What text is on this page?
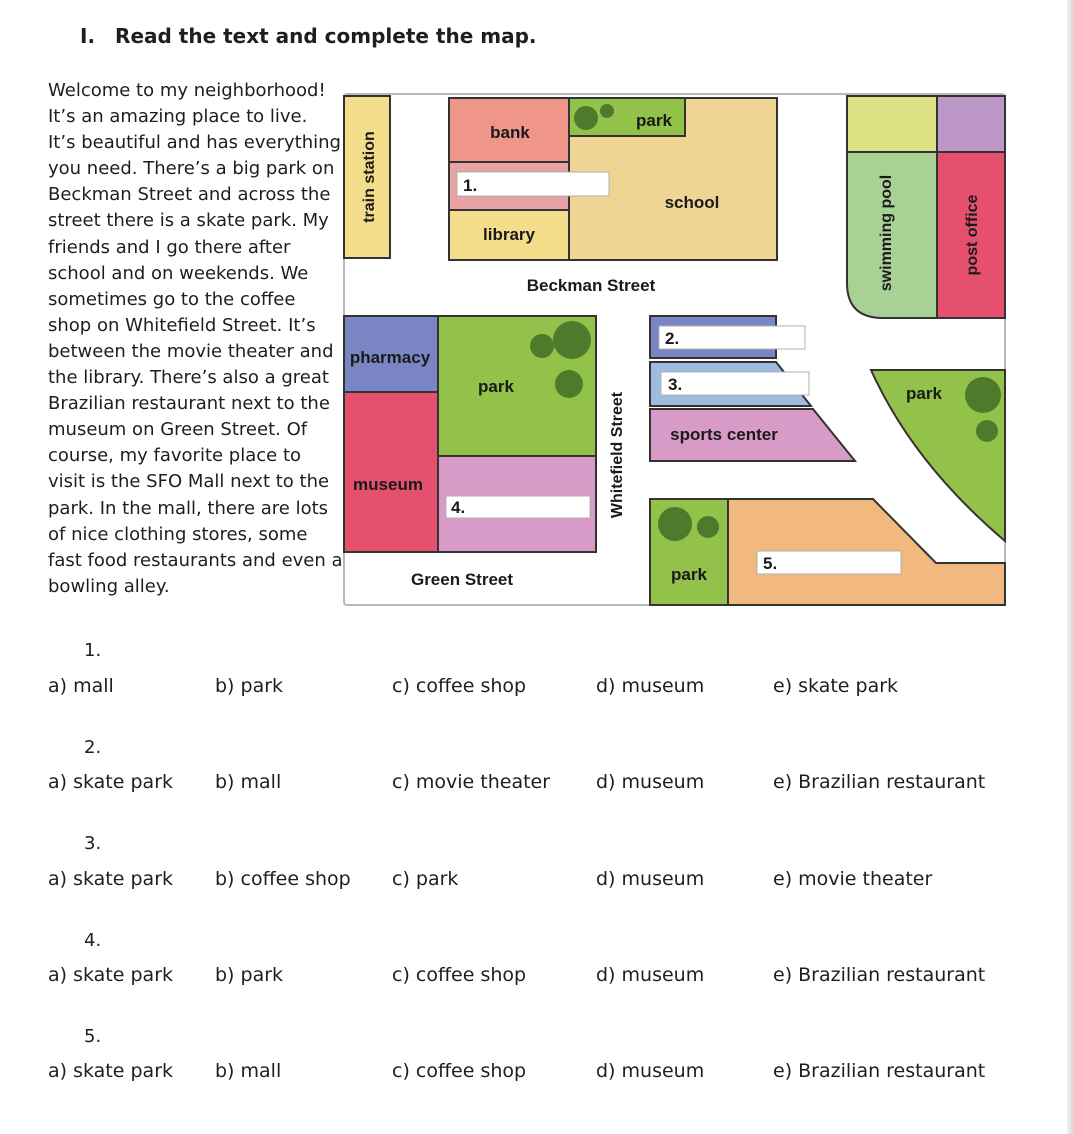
I. Read the text and complete the map.
Welcome to my neighborhood!
It’s an amazing place to live.
It’s beautiful and has everything
you need. There’s a big park on
Beckman Street and across the
street there is a skate park. My
friends and I go there after
school and on weekends. We
sometimes go to the coffee
shop on Whitefield Street. It’s
between the movie theater and
the library. There’s also a great
Brazilian restaurant next to the
museum on Green Street. Of
course, my favorite place to
visit is the SFO Mall next to the
park. In the mall, there are lots
of nice clothing stores, some
fast food restaurants and even a
bowling alley.
train station	school
bank
library
park
1.
Beckman Street	swimming pool	post office
pharmacy
museum
park
4.
Green Street
Whitefield Street
2.
3.
sports center
park
park
5.
1.
a) mall	b) park	c) coffee shop	d) museum	e) skate park
2.
a) skate park b) mall	c) movie theater d) museum	e) Brazilian restaurant
3.
a) skate park b) coffee shop c) park	d) museum	e) movie theater
4.
a) skate park b) park	c) coffee shop	d) museum	e) Brazilian restaurant
5.
a) skate park b) mall	c) coffee shop	d) museum	e) Brazilian restaurant
